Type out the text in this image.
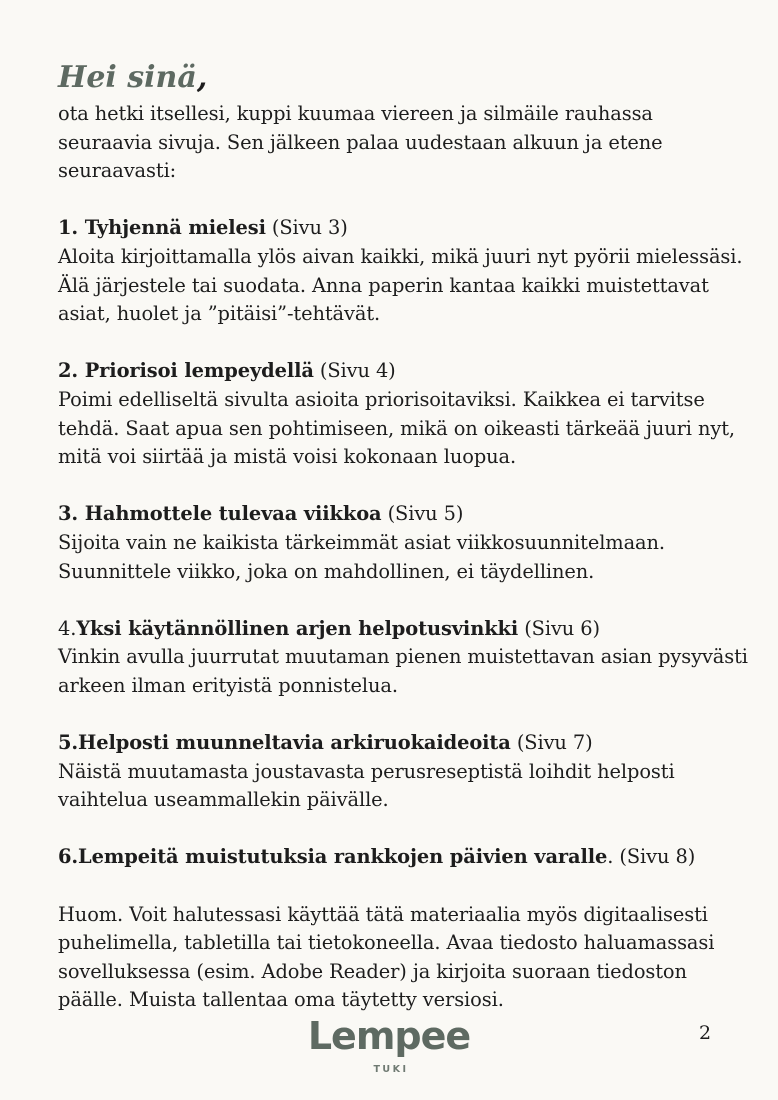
Hei sinä,

ota hetki itsellesi, kuppi kuumaa viereen ja silmäile rauhassa seuraavia sivuja. Sen jälkeen palaa uudestaan alkuun ja etene seuraavasti:

1. Tyhjennä mielesi (Sivu 3)

Aloita kirjoittamalla ylös aivan kaikki, mikä juuri nyt pyörii mielessäsi. Älä järjestele tai suodata. Anna paperin kantaa kaikki muistettavat asiat, huolet ja ”pitäisi”-tehtävät.

2. Priorisoi lempeydellä (Sivu 4)

Poimi edelliseltä sivulta asioita priorisoitaviksi. Kaikkea ei tarvitse tehdä. Saat apua sen pohtimiseen, mikä on oikeasti tärkeää juuri nyt, mitä voi siirtää ja mistä voisi kokonaan luopua.

3. Hahmottele tulevaa viikkoa (Sivu 5)

Sijoita vain ne kaikista tärkeimmät asiat viikkosuunnitelmaan. Suunnittele viikko, joka on mahdollinen, ei täydellinen.

4.Yksi käytännöllinen arjen helpotusvinkki (Sivu 6)

Vinkin avulla juurrutat muutaman pienen muistettavan asian pysyvästi arkeen ilman erityistä ponnistelua.

5.Helposti muunneltavia arkiruokaideoita (Sivu 7)

Näistä muutamasta joustavasta perusreseptistä loihdit helposti vaihtelua useammallekin päivälle.

6.Lempeitä muistutuksia rankkojen päivien varalle. (Sivu 8)

Huom. Voit halutessasi käyttää tätä materiaalia myös digitaalisesti puhelimella, tabletilla tai tietokoneella. Avaa tiedosto haluamassasi sovelluksessa (esim. Adobe Reader) ja kirjoita suoraan tiedoston päälle. Muista tallentaa oma täytetty versiosi.

Lempee
TUKI
2
